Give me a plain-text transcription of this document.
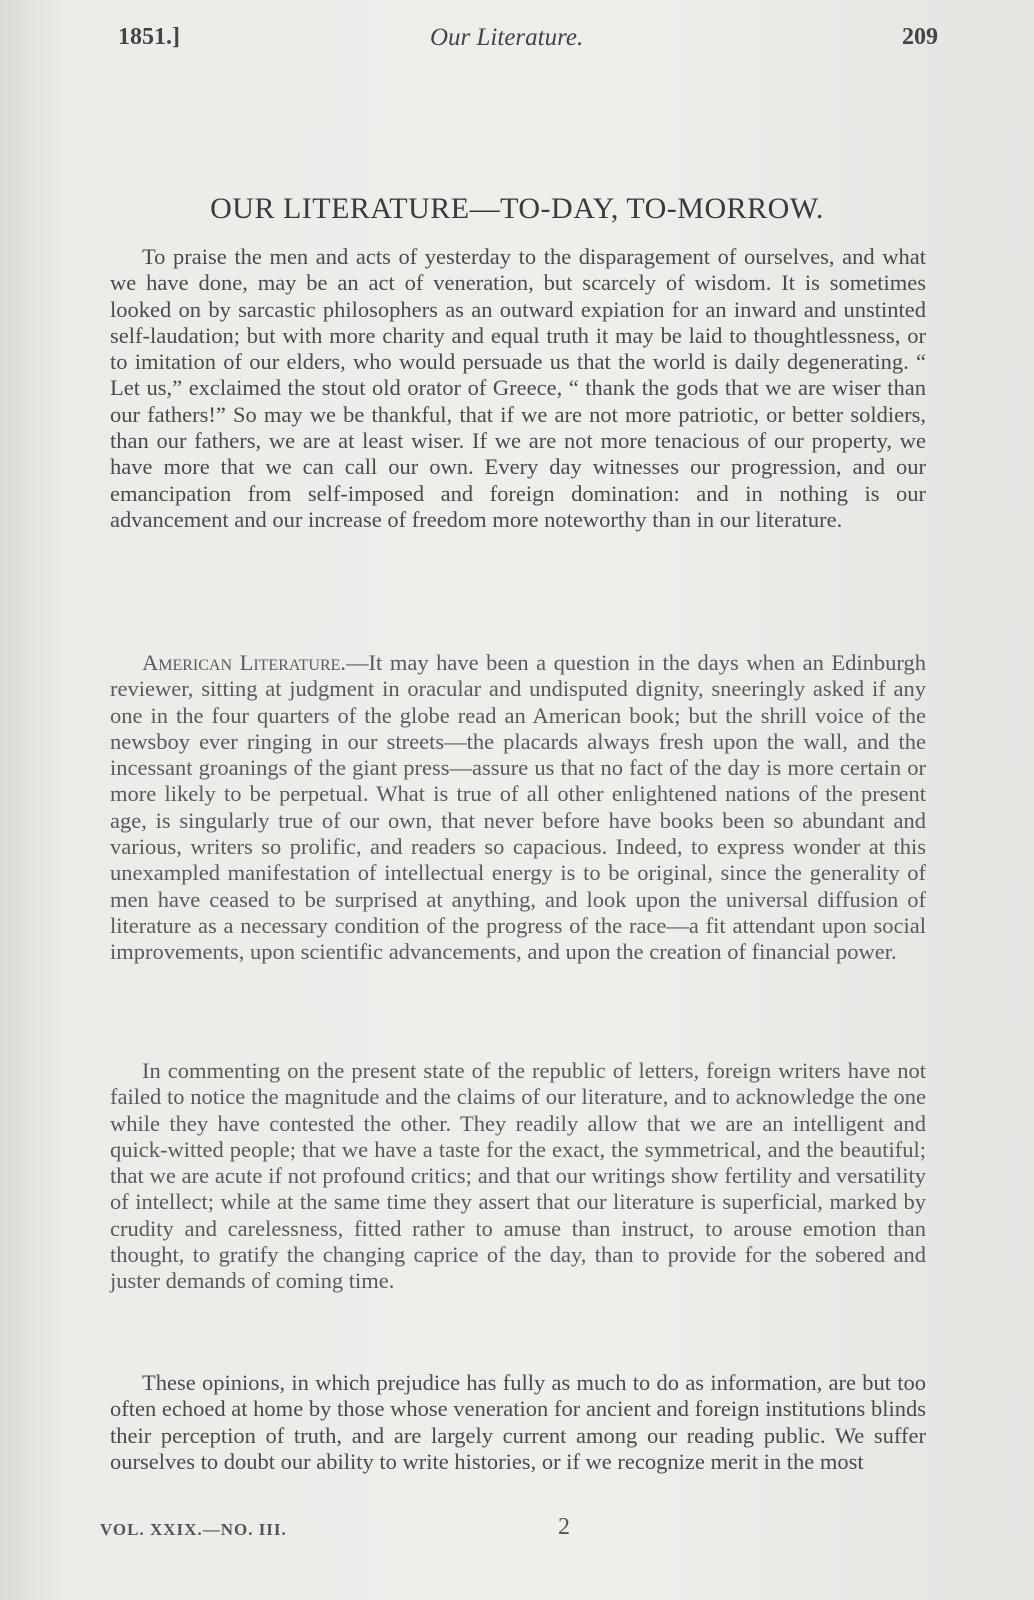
1851.]	Our Literature.	209
OUR LITERATURE—TO-DAY, TO-MORROW.

To praise the men and acts of yesterday to the disparagement of ourselves, and what we have done, may be an act of veneration, but scarcely of wisdom. It is sometimes looked on by sarcastic philosophers as an outward expiation for an inward and unstinted self-laudation; but with more charity and equal truth it may be laid to thoughtlessness, or to imitation of our elders, who would persuade us that the world is daily degenerating. “ Let us,” exclaimed the stout old orator of Greece, “ thank the gods that we are wiser than our fathers!” So may we be thankful, that if we are not more patriotic, or better soldiers, than our fathers, we are at least wiser. If we are not more tenacious of our property, we have more that we can call our own. Every day witnesses our progression, and our emancipation from self-imposed and foreign domination: and in nothing is our advancement and our increase of freedom more noteworthy than in our literature.

American Literature.—It may have been a question in the days when an Edinburgh reviewer, sitting at judgment in oracular and undisputed dignity, sneeringly asked if any one in the four quarters of the globe read an American book; but the shrill voice of the newsboy ever ringing in our streets—the placards always fresh upon the wall, and the incessant groanings of the giant press—assure us that no fact of the day is more certain or more likely to be perpetual. What is true of all other enlightened nations of the present age, is singularly true of our own, that never before have books been so abundant and various, writers so prolific, and readers so capacious. Indeed, to express wonder at this unexampled manifestation of intellectual energy is to be original, since the generality of men have ceased to be surprised at anything, and look upon the universal diffusion of literature as a necessary condition of the progress of the race—a fit attendant upon social improvements, upon scientific advancements, and upon the creation of financial power.

In commenting on the present state of the republic of letters, foreign writers have not failed to notice the magnitude and the claims of our literature, and to acknowledge the one while they have contested the other. They readily allow that we are an intelligent and quick-witted people; that we have a taste for the exact, the symmetrical, and the beautiful; that we are acute if not profound critics; and that our writings show fertility and versatility of intellect; while at the same time they assert that our literature is superficial, marked by crudity and carelessness, fitted rather to amuse than instruct, to arouse emotion than thought, to gratify the changing caprice of the day, than to provide for the sobered and juster demands of coming time.

These opinions, in which prejudice has fully as much to do as information, are but too often echoed at home by those whose veneration for ancient and foreign institutions blinds their perception of truth, and are largely current among our reading public. We suffer ourselves to doubt our ability to write histories, or if we recognize merit in the most

VOL. XXIX.—NO. III.	2
